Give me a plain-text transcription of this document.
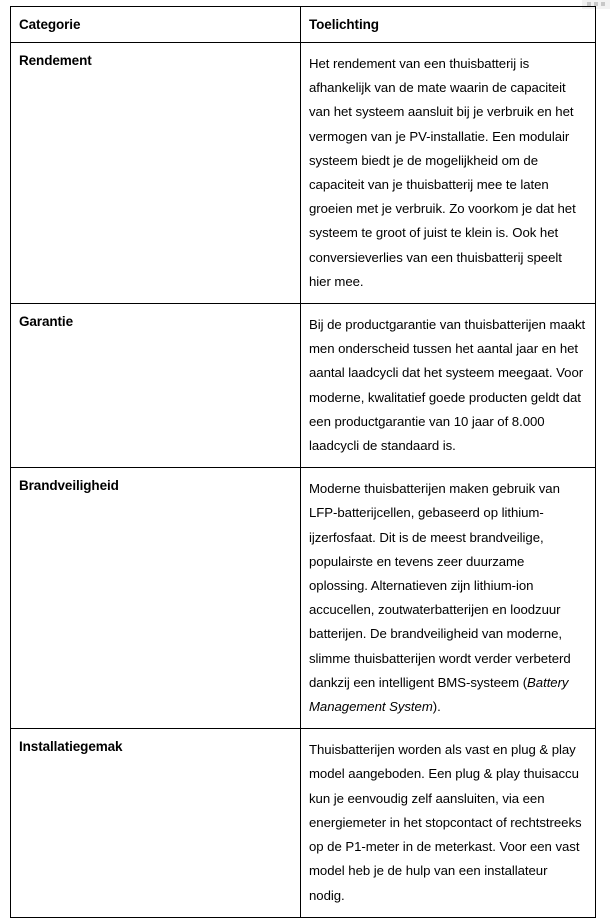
Categorie	Toelichting
Rendement	Het rendement van een thuisbatterij is afhankelijk van de mate waarin de capaciteit van het systeem aansluit bij je verbruik en het vermogen van je PV-installatie. Een modulair systeem biedt je de mogelijkheid om de capaciteit van je thuisbatterij mee te laten groeien met je verbruik. Zo voorkom je dat het systeem te groot of juist te klein is. Ook het conversieverlies van een thuisbatterij speelt hier mee.
Garantie	Bij de productgarantie van thuisbatterijen maakt men onderscheid tussen het aantal jaar en het aantal laadcycli dat het systeem meegaat. Voor moderne, kwalitatief goede producten geldt dat een productgarantie van 10 jaar of 8.000 laadcycli de standaard is.
Brandveiligheid	Moderne thuisbatterijen maken gebruik van LFP-batterijcellen, gebaseerd op lithium-ijzerfosfaat. Dit is de meest brandveilige, populairste en tevens zeer duurzame oplossing. Alternatieven zijn lithium-ion accucellen, zoutwaterbatterijen en loodzuur batterijen. De brandveiligheid van moderne, slimme thuisbatterijen wordt verder verbeterd dankzij een intelligent BMS-systeem (Battery Management System).
Installatiegemak	Thuisbatterijen worden als vast en plug & play model aangeboden. Een plug & play thuisaccu kun je eenvoudig zelf aansluiten, via een energiemeter in het stopcontact of rechtstreeks op de P1-meter in de meterkast. Voor een vast model heb je de hulp van een installateur nodig.
